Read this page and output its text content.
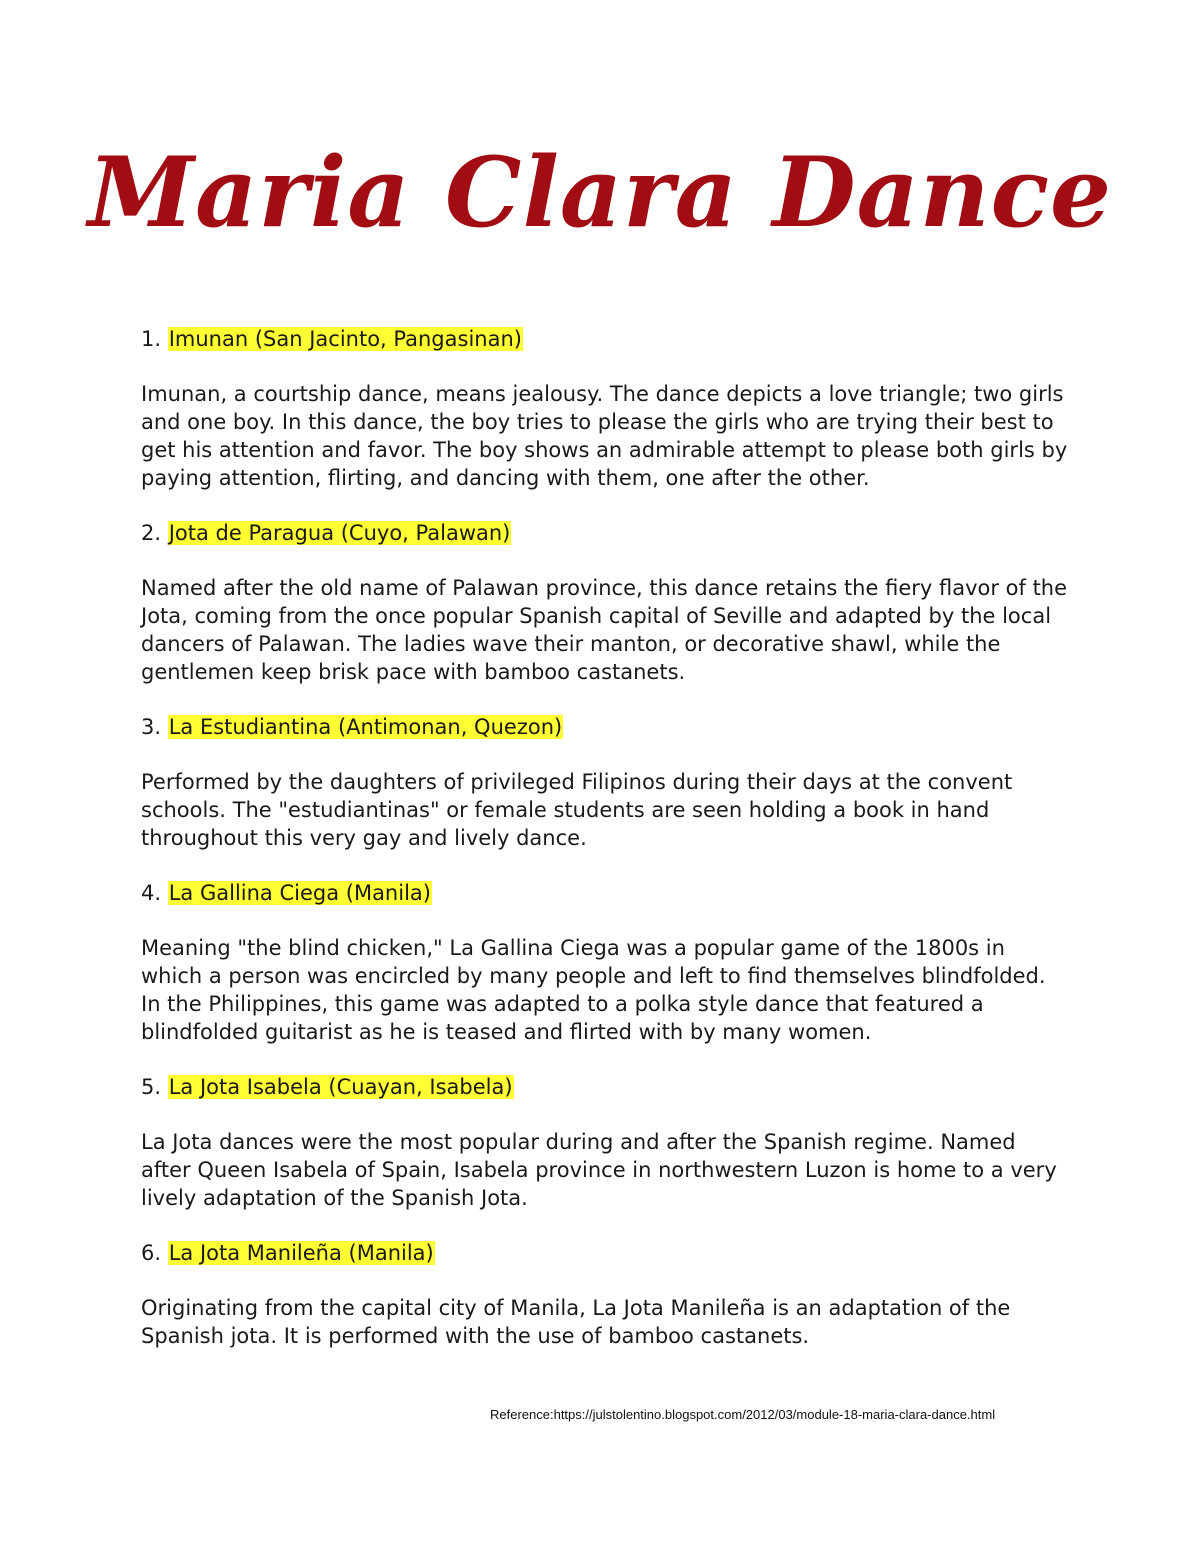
Maria Clara Dance

1. Imunan (San Jacinto, Pangasinan)

Imunan, a courtship dance, means jealousy. The dance depicts a love triangle; two girls and one boy. In this dance, the boy tries to please the girls who are trying their best to get his attention and favor. The boy shows an admirable attempt to please both girls by paying attention, flirting, and dancing with them, one after the other.

2. Jota de Paragua (Cuyo, Palawan)

Named after the old name of Palawan province, this dance retains the fiery flavor of the Jota, coming from the once popular Spanish capital of Seville and adapted by the local dancers of Palawan. The ladies wave their manton, or decorative shawl, while the gentlemen keep brisk pace with bamboo castanets.

3. La Estudiantina (Antimonan, Quezon)

Performed by the daughters of privileged Filipinos during their days at the convent schools. The "estudiantinas" or female students are seen holding a book in hand throughout this very gay and lively dance.

4. La Gallina Ciega (Manila)

Meaning "the blind chicken," La Gallina Ciega was a popular game of the 1800s in which a person was encircled by many people and left to find themselves blindfolded. In the Philippines, this game was adapted to a polka style dance that featured a blindfolded guitarist as he is teased and flirted with by many women.

5. La Jota Isabela (Cuayan, Isabela)

La Jota dances were the most popular during and after the Spanish regime. Named after Queen Isabela of Spain, Isabela province in northwestern Luzon is home to a very lively adaptation of the Spanish Jota.

6. La Jota Manileña (Manila)

Originating from the capital city of Manila, La Jota Manileña is an adaptation of the Spanish jota. It is performed with the use of bamboo castanets.

Reference:https://julstolentino.blogspot.com/2012/03/module-18-maria-clara-dance.html
